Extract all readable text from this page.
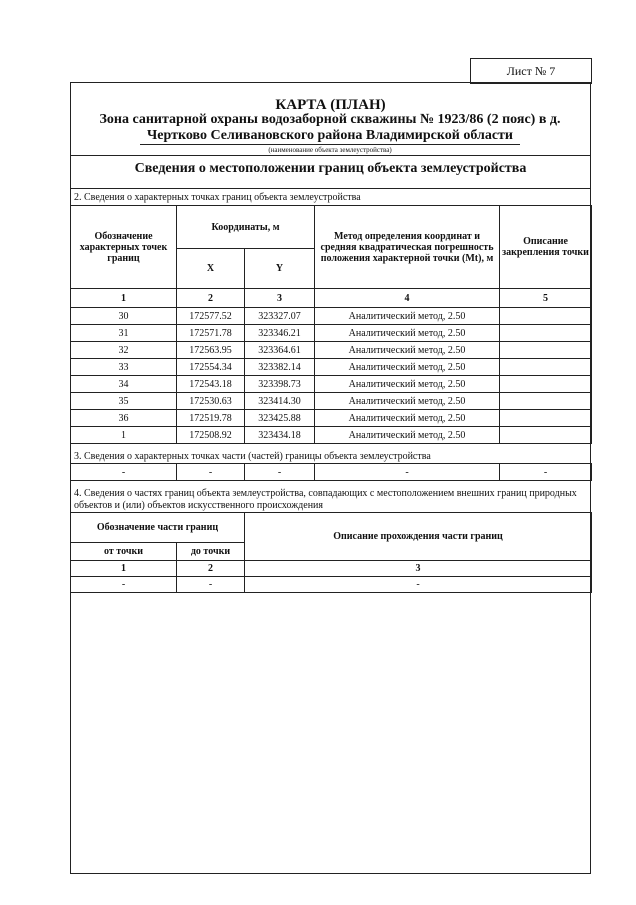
Лист № 7
КАРТА (ПЛАН)
Зона санитарной охраны водозаборной скважины № 1923/86 (2 пояс) в д. Чертково Селивановского района Владимирской области
(наименование объекта землеустройства)
Сведения о местоположении границ объекта землеустройства
2. Сведения о характерных точках границ объекта землеустройства
Обозначение характерных точек границ	Координаты, м		Метод определения координат и средняя квадратическая погрешность положения характерной точки (Mt), м	Описание закрепления точки
	X	Y		
1	2	3	4	5
30	172577.52	323327.07	Аналитический метод, 2.50	
31	172571.78	323346.21	Аналитический метод, 2.50	
32	172563.95	323364.61	Аналитический метод, 2.50	
33	172554.34	323382.14	Аналитический метод, 2.50	
34	172543.18	323398.73	Аналитический метод, 2.50	
35	172530.63	323414.30	Аналитический метод, 2.50	
36	172519.78	323425.88	Аналитический метод, 2.50	
1	172508.92	323434.18	Аналитический метод, 2.50	
3. Сведения о характерных точках части (частей) границы объекта землеустройства
-	-	-	-	-
4. Сведения о частях границ объекта землеустройства, совпадающих с местоположением внешних границ природных объектов и (или) объектов искусственного происхождения
Обозначение части границ		Описание прохождения части границ
от точки	до точки	
1	2	3
-	-	-
